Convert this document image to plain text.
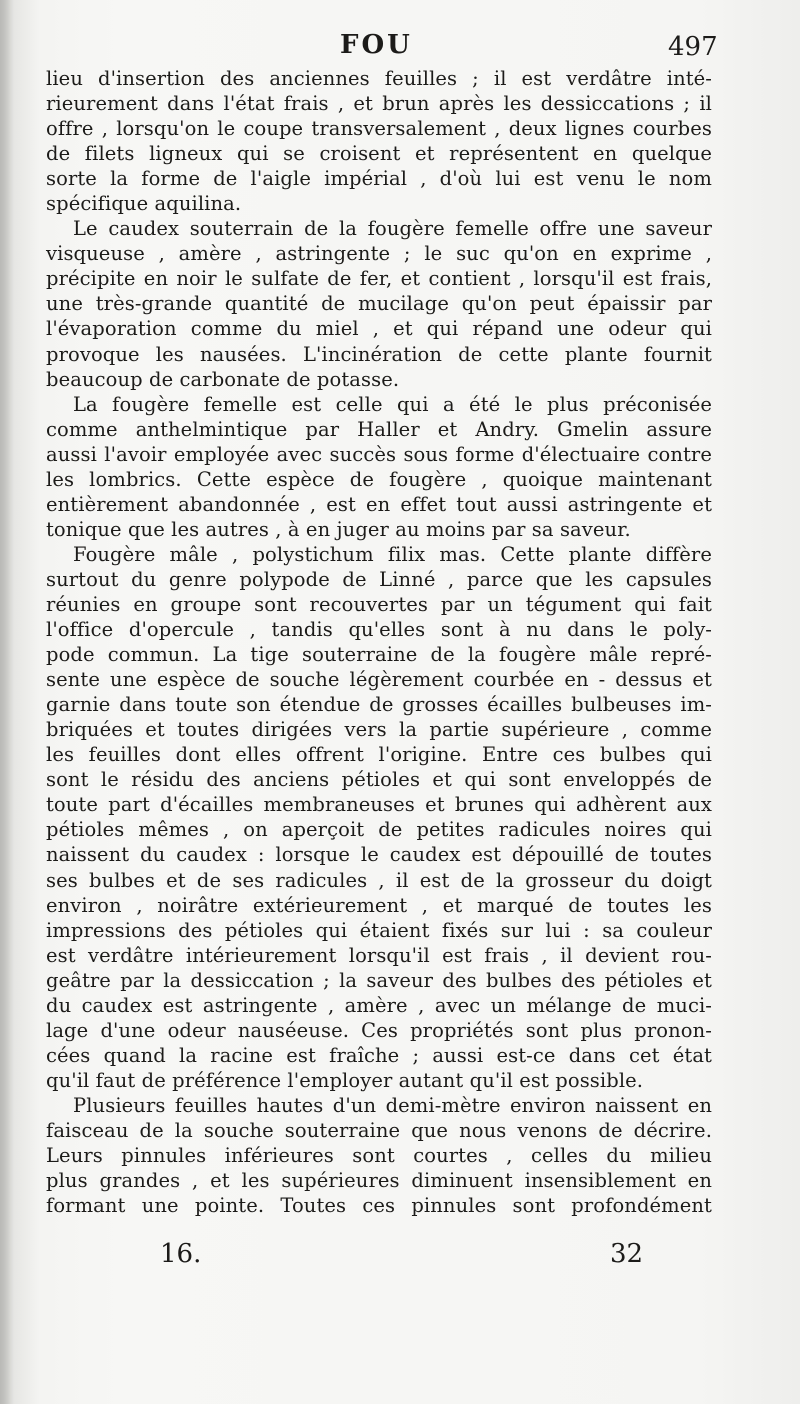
FOU	497
lieu d'insertion des anciennes feuilles ; il est verdâtre inté-
rieurement dans l'état frais , et brun après les dessiccations ; il
offre , lorsqu'on le coupe transversalement , deux lignes courbes
de filets ligneux qui se croisent et représentent en quelque
sorte la forme de l'aigle impérial , d'où lui est venu le nom
spécifique aquilina.
Le caudex souterrain de la fougère femelle offre une saveur
visqueuse , amère , astringente ; le suc qu'on en exprime ,
précipite en noir le sulfate de fer, et contient , lorsqu'il est frais,
une très-grande quantité de mucilage qu'on peut épaissir par
l'évaporation comme du miel , et qui répand une odeur qui
provoque les nausées. L'incinération de cette plante fournit
beaucoup de carbonate de potasse.
La fougère femelle est celle qui a été le plus préconisée
comme anthelmintique par Haller et Andry. Gmelin assure
aussi l'avoir employée avec succès sous forme d'électuaire contre
les lombrics. Cette espèce de fougère , quoique maintenant
entièrement abandonnée , est en effet tout aussi astringente et
tonique que les autres , à en juger au moins par sa saveur.
Fougère mâle , polystichum filix mas. Cette plante diffère
surtout du genre polypode de Linné , parce que les capsules
réunies en groupe sont recouvertes par un tégument qui fait
l'office d'opercule , tandis qu'elles sont à nu dans le poly-
pode commun. La tige souterraine de la fougère mâle repré-
sente une espèce de souche légèrement courbée en - dessus et
garnie dans toute son étendue de grosses écailles bulbeuses im-
briquées et toutes dirigées vers la partie supérieure , comme
les feuilles dont elles offrent l'origine. Entre ces bulbes qui
sont le résidu des anciens pétioles et qui sont enveloppés de
toute part d'écailles membraneuses et brunes qui adhèrent aux
pétioles mêmes , on aperçoit de petites radicules noires qui
naissent du caudex : lorsque le caudex est dépouillé de toutes
ses bulbes et de ses radicules , il est de la grosseur du doigt
environ , noirâtre extérieurement , et marqué de toutes les
impressions des pétioles qui étaient fixés sur lui : sa couleur
est verdâtre intérieurement lorsqu'il est frais , il devient rou-
geâtre par la dessiccation ; la saveur des bulbes des pétioles et
du caudex est astringente , amère , avec un mélange de muci-
lage d'une odeur nauséeuse. Ces propriétés sont plus pronon-
cées quand la racine est fraîche ; aussi est-ce dans cet état
qu'il faut de préférence l'employer autant qu'il est possible.
Plusieurs feuilles hautes d'un demi-mètre environ naissent en
faisceau de la souche souterraine que nous venons de décrire.
Leurs pinnules inférieures sont courtes , celles du milieu
plus grandes , et les supérieures diminuent insensiblement en
formant une pointe. Toutes ces pinnules sont profondément
16.	32
